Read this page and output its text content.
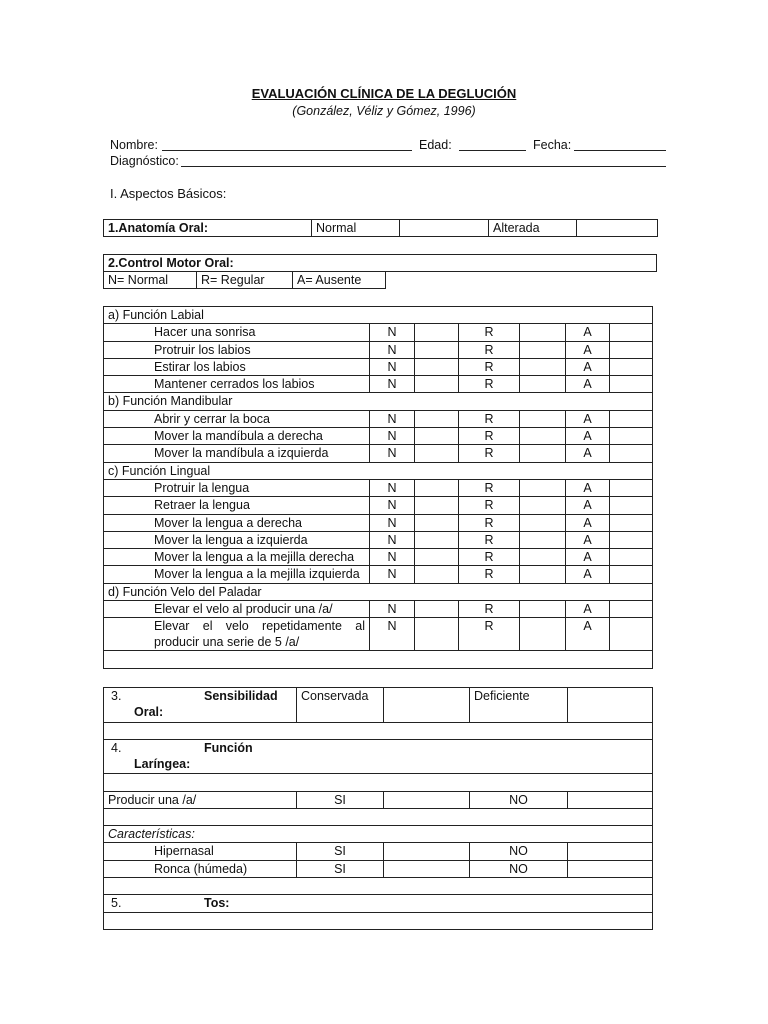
EVALUACIÓN CLÍNICA DE LA DEGLUCIÓN
(González, Véliz y Gómez, 1996)
Nombre:	Edad:	Fecha:
Diagnóstico:
I. Aspectos Básicos:
1.Anatomía Oral:	Normal		Alterada	
2.Control Motor Oral:
N= Normal	R= Regular	A= Ausente
a) Función Labial						
Hacer una sonrisa	N		R		A	
Protruir los labios	N		R		A	
Estirar los labios	N		R		A	
Mantener cerrados los labios	N		R		A	
b) Función Mandibular						
Abrir y cerrar la boca	N		R		A	
Mover la mandíbula a derecha	N		R		A	
Mover la mandíbula a izquierda	N		R		A	
c) Función Lingual						
Protruir la lengua	N		R		A	
Retraer la lengua	N		R		A	
Mover la lengua a derecha	N		R		A	
Mover la lengua a izquierda	N		R		A	
Mover la lengua a la mejilla derecha	N		R		A	
Mover la lengua a la mejilla izquierda	N		R		A	
d) Función Velo del Paladar						
Elevar el velo al producir una /a/	N		R		A	
Elevar el velo repetidamente al producir una serie de 5 /a/	N		R		A	

3. Sensibilidad
Oral:	Conservada		Deficiente	

4. Función
Laríngea:				

Producir una /a/	SI		NO	

Características:				
Hipernasal	SI		NO	
Ronca (húmeda)	SI		NO	

5. Tos:				
